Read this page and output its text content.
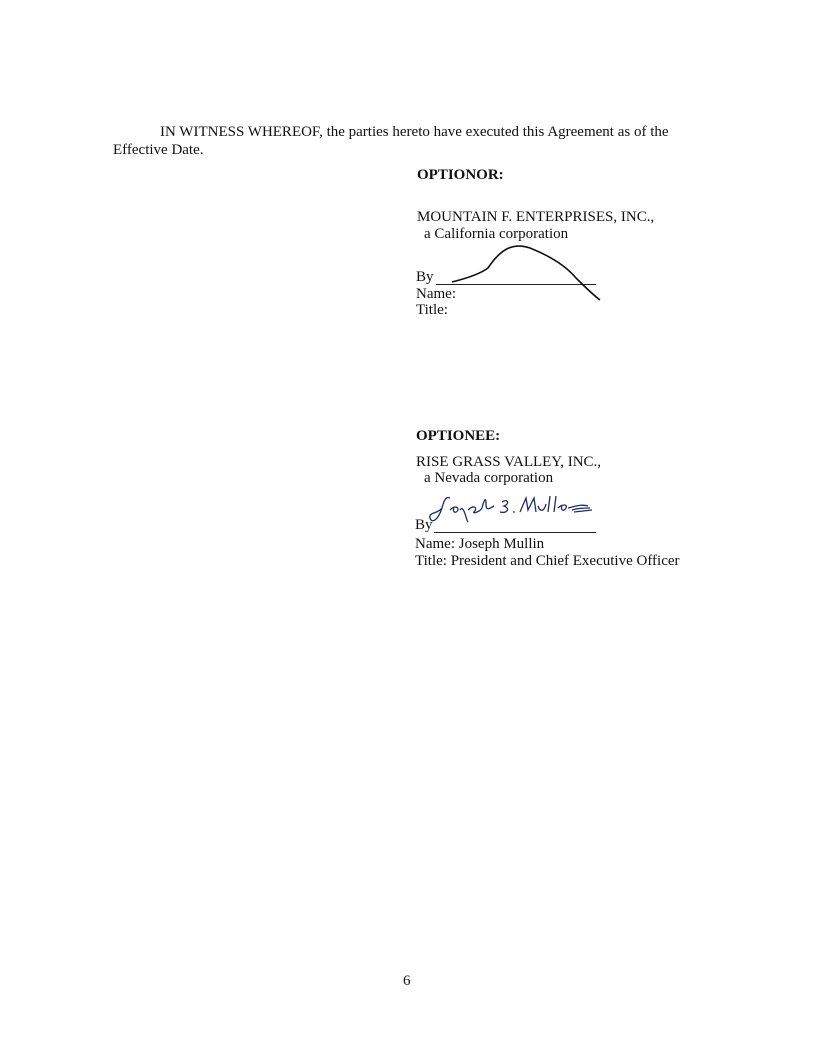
IN WITNESS WHEREOF, the parties hereto have executed this Agreement as of the
Effective Date.
OPTIONOR:
MOUNTAIN F. ENTERPRISES, INC.,
a California corporation
By
Name:
Title:
OPTIONEE:
RISE GRASS VALLEY, INC.,
a Nevada corporation
By
Name: Joseph Mullin
Title: President and Chief Executive Officer
6
